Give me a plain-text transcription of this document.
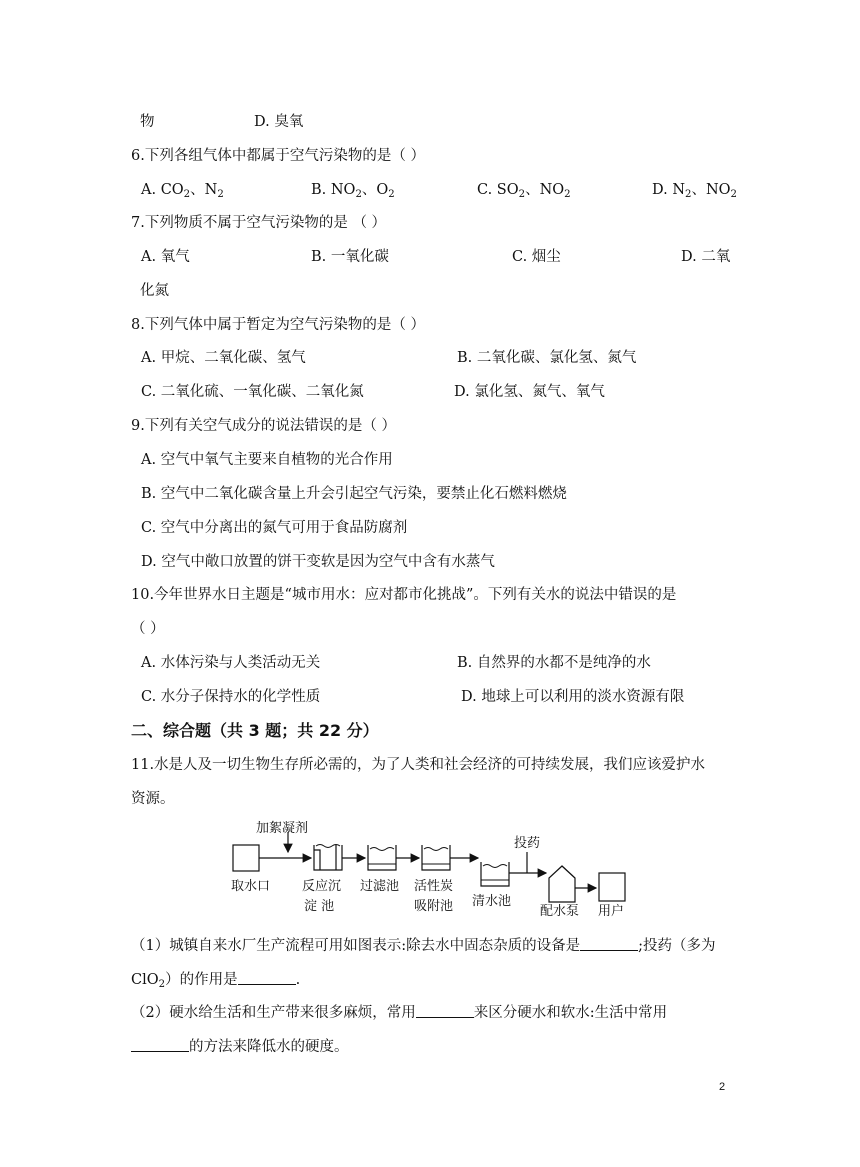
物	D. 臭氧
6.下列各组气体中都属于空气污染物的是（ ）
A. $CO_2$、$N_2$	B. $NO_2$、$O_2$	C. $SO_2$、$NO_2$	D. $N_2$、$NO_2$
7.下列物质不属于空气污染物的是 （ ）
A. 氧气	B. 一氧化碳	C. 烟尘	D. 二氧
化氮
8.下列气体中属于暂定为空气污染物的是（ ）
A. 甲烷、二氧化碳、氢气	B. 二氧化碳、氯化氢、氮气
C. 二氧化硫、一氧化碳、二氧化氮	D. 氯化氢、氮气、氧气
9.下列有关空气成分的说法错误的是（ ）
A. 空气中氧气主要来自植物的光合作用
B. 空气中二氧化碳含量上升会引起空气污染，要禁止化石燃料燃烧
C. 空气中分离出的氮气可用于食品防腐剂
D. 空气中敞口放置的饼干变软是因为空气中含有水蒸气
10.今年世界水日主题是“城市用水：应对都市化挑战”。下列有关水的说法中错误的是
（ ）
A. 水体污染与人类活动无关	B. 自然界的水都不是纯净的水
C. 水分子保持水的化学性质	D. 地球上可以利用的淡水资源有限
二、综合题（共 3 题；共 22 分）
11.水是人及一切生物生存所必需的，为了人类和社会经济的可持续发展，我们应该爱护水
资源。
加絮凝剂
取水口 反应沉
淀 池
过滤池 活性炭
吸附池 清水池
投药
配水泵 用户
（1）城镇自来水厂生产流程可用如图表示:除去水中固态杂质的设备是	;投药（多为
ClO$_2$）的作用是	.
（2）硬水给生活和生产带来很多麻烦，常用	来区分硬水和软水:生活中常用
的方法来降低水的硬度。
2
